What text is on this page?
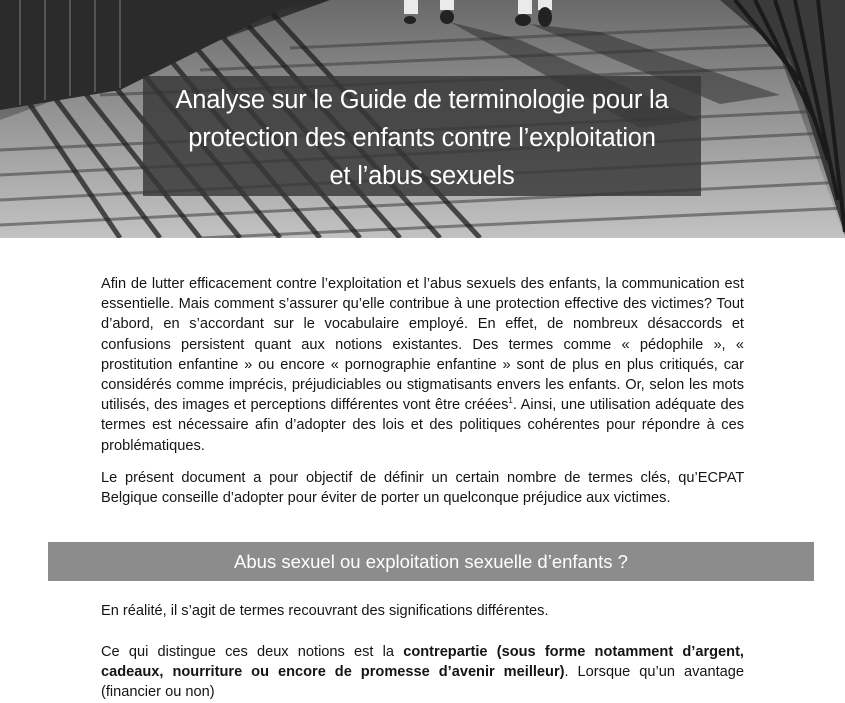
Analyse sur le Guide de terminologie pour la
protection des enfants contre l’exploitation
et l’abus sexuels

Afin de lutter efficacement contre l’exploitation et l’abus sexuels des enfants, la communication est essentielle. Mais comment s’assurer qu’elle contribue à une protection effective des victimes? Tout d’abord, en s’accordant sur le vocabulaire employé. En effet, de nombreux désaccords et confusions persistent quant aux notions existantes. Des termes comme « pédophile », « prostitution enfantine » ou encore « pornographie enfantine » sont de plus en plus critiqués, car considérés comme imprécis, préjudiciables ou stigmatisants envers les enfants. Or, selon les mots utilisés, des images et perceptions différentes vont être créées$^1$. Ainsi, une utilisation adéquate des termes est nécessaire afin d’adopter des lois et des politiques cohérentes pour répondre à ces problématiques.

Le présent document a pour objectif de définir un certain nombre de termes clés, qu’ECPAT Belgique conseille d’adopter pour éviter de porter un quelconque préjudice aux victimes.

Abus sexuel ou exploitation sexuelle d’enfants ?

En réalité, il s’agit de termes recouvrant des significations différentes.

Ce qui distingue ces deux notions est la contrepartie (sous forme notamment d’argent, cadeaux, nourriture ou encore de promesse d’avenir meilleur). Lorsque qu’un avantage (financier ou non)
